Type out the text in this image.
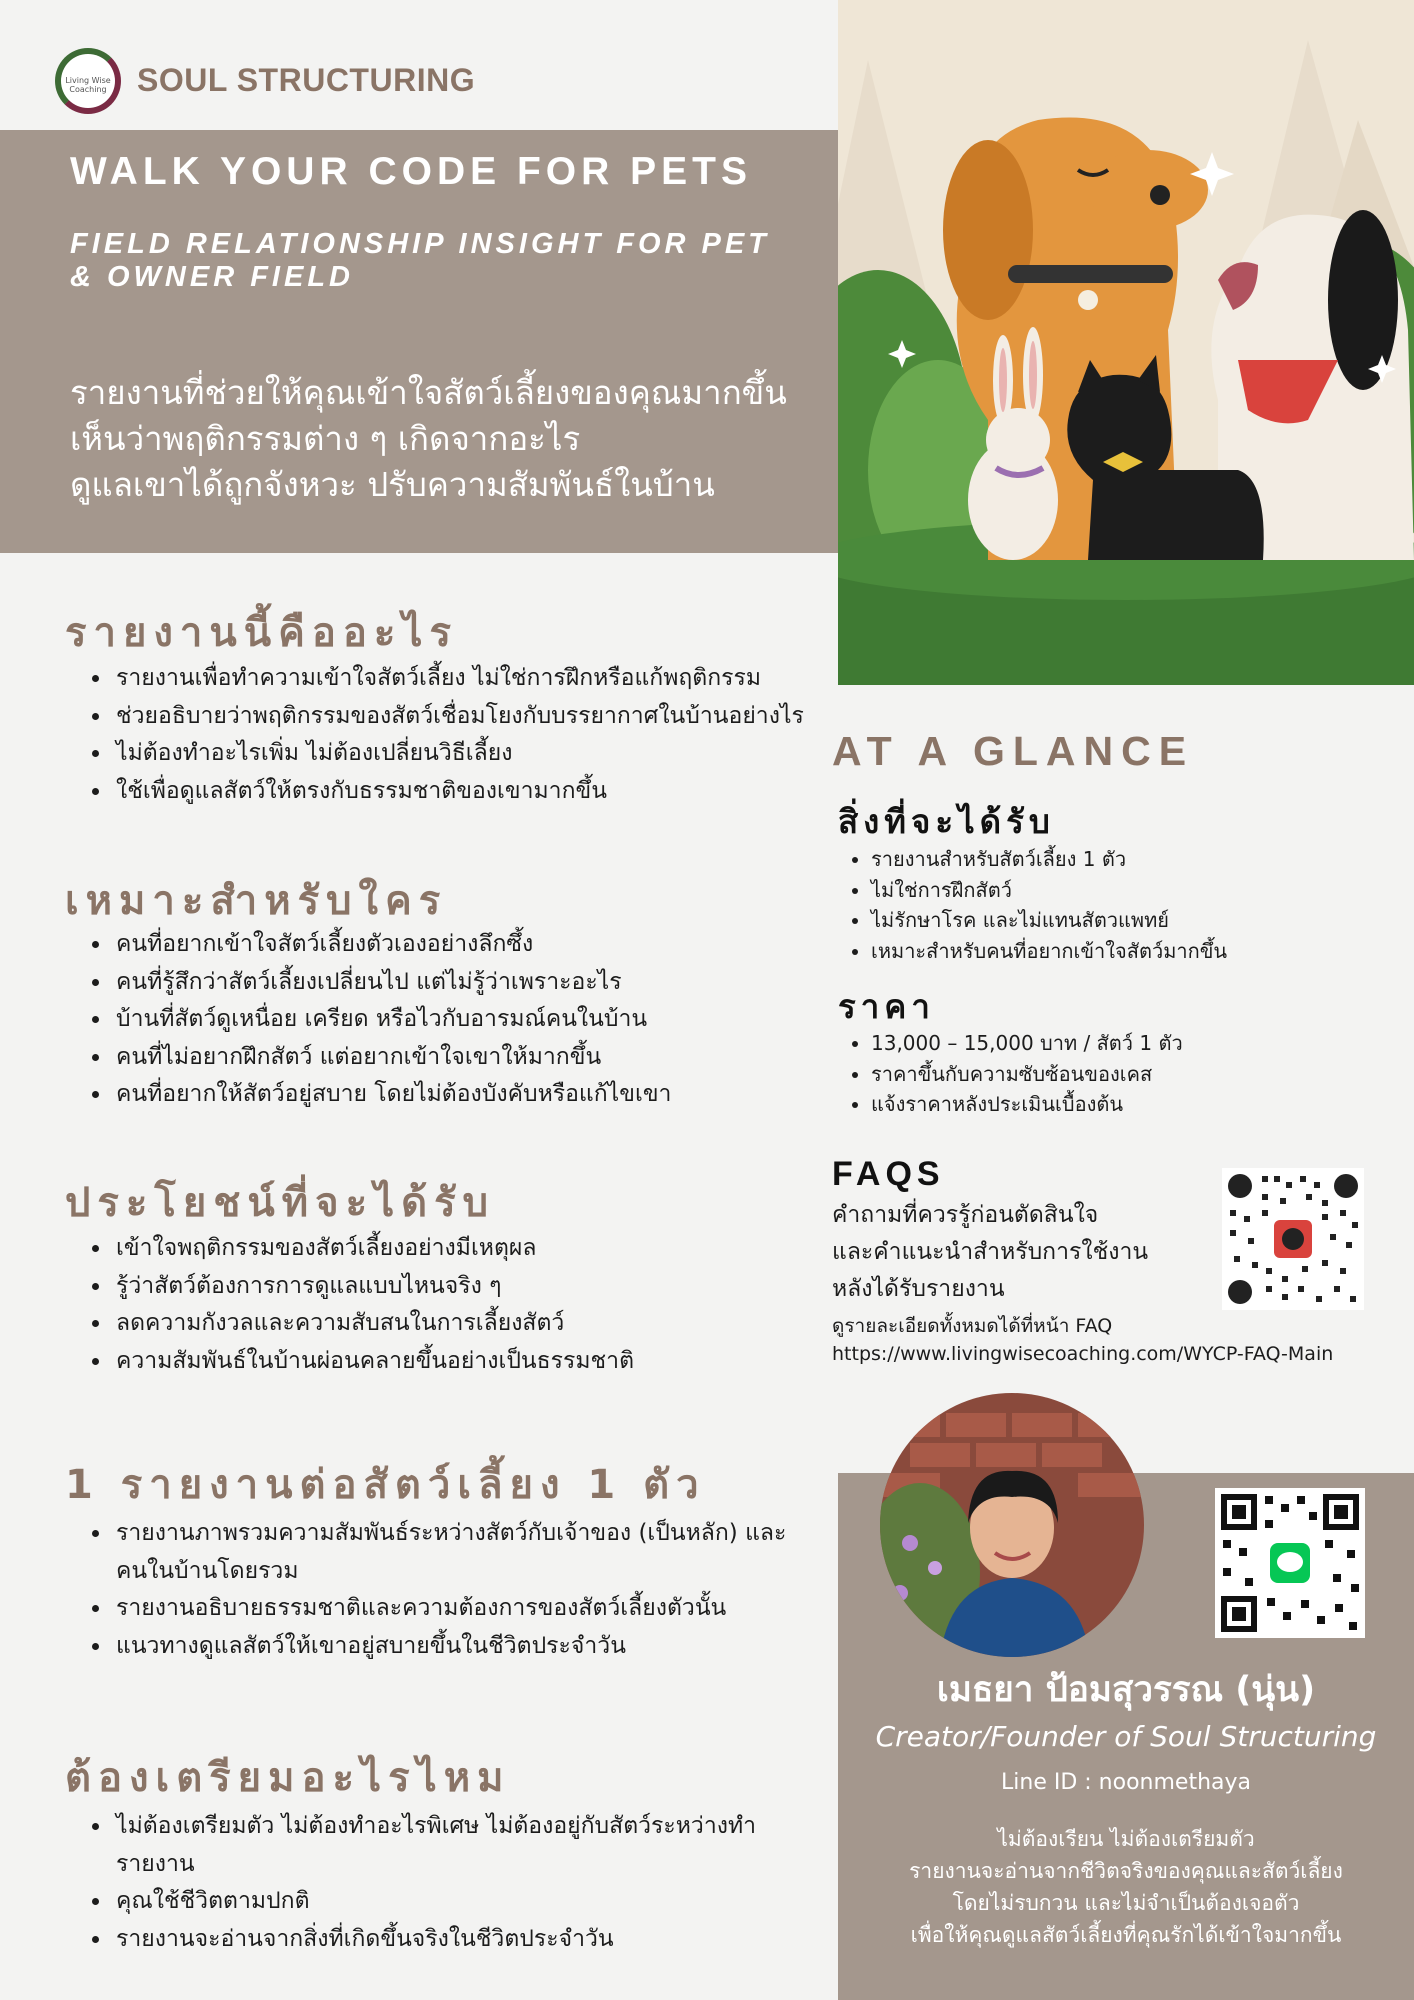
Living Wise Coaching SOUL STRUCTURING
WALK YOUR CODE FOR PETS
FIELD RELATIONSHIP INSIGHT FOR PET & OWNER FIELD
รายงานที่ช่วยให้คุณเข้าใจสัตว์เลี้ยงของคุณมากขึ้น
เห็นว่าพฤติกรรมต่าง ๆ เกิดจากอะไร
ดูแลเขาได้ถูกจังหวะ ปรับความสัมพันธ์ในบ้าน
รายงานนี้คืออะไร
• รายงานเพื่อทำความเข้าใจสัตว์เลี้ยง ไม่ใช่การฝึกหรือแก้พฤติกรรม
• ช่วยอธิบายว่าพฤติกรรมของสัตว์เชื่อมโยงกับบรรยากาศในบ้านอย่างไร
• ไม่ต้องทำอะไรเพิ่ม ไม่ต้องเปลี่ยนวิธีเลี้ยง
• ใช้เพื่อดูแลสัตว์ให้ตรงกับธรรมชาติของเขามากขึ้น
เหมาะสำหรับใคร
• คนที่อยากเข้าใจสัตว์เลี้ยงตัวเองอย่างลึกซึ้ง
• คนที่รู้สึกว่าสัตว์เลี้ยงเปลี่ยนไป แต่ไม่รู้ว่าเพราะอะไร
• บ้านที่สัตว์ดูเหนื่อย เครียด หรือไวกับอารมณ์คนในบ้าน
• คนที่ไม่อยากฝึกสัตว์ แต่อยากเข้าใจเขาให้มากขึ้น
• คนที่อยากให้สัตว์อยู่สบาย โดยไม่ต้องบังคับหรือแก้ไขเขา
ประโยชน์ที่จะได้รับ
• เข้าใจพฤติกรรมของสัตว์เลี้ยงอย่างมีเหตุผล
• รู้ว่าสัตว์ต้องการการดูแลแบบไหนจริง ๆ
• ลดความกังวลและความสับสนในการเลี้ยงสัตว์
• ความสัมพันธ์ในบ้านผ่อนคลายขึ้นอย่างเป็นธรรมชาติ
1 รายงานต่อสัตว์เลี้ยง 1 ตัว
• รายงานภาพรวมความสัมพันธ์ระหว่างสัตว์กับเจ้าของ (เป็นหลัก) และคนในบ้านโดยรวม
• รายงานอธิบายธรรมชาติและความต้องการของสัตว์เลี้ยงตัวนั้น
• แนวทางดูแลสัตว์ให้เขาอยู่สบายขึ้นในชีวิตประจำวัน
ต้องเตรียมอะไรไหม
• ไม่ต้องเตรียมตัว ไม่ต้องทำอะไรพิเศษ ไม่ต้องอยู่กับสัตว์ระหว่างทำรายงาน
• คุณใช้ชีวิตตามปกติ
• รายงานจะอ่านจากสิ่งที่เกิดขึ้นจริงในชีวิตประจำวัน
AT A GLANCE
สิ่งที่จะได้รับ
• รายงานสำหรับสัตว์เลี้ยง 1 ตัว
• ไม่ใช่การฝึกสัตว์
• ไม่รักษาโรค และไม่แทนสัตวแพทย์
• เหมาะสำหรับคนที่อยากเข้าใจสัตว์มากขึ้น
ราคา
• 13,000 – 15,000 บาท / สัตว์ 1 ตัว
• ราคาขึ้นกับความซับซ้อนของเคส
• แจ้งราคาหลังประเมินเบื้องต้น
FAQS
คำถามที่ควรรู้ก่อนตัดสินใจ
และคำแนะนำสำหรับการใช้งาน
หลังได้รับรายงาน
ดูรายละเอียดทั้งหมดได้ที่หน้า FAQ
https://www.livingwisecoaching.com/WYCP-FAQ-Main
เมธยา ป้อมสุวรรณ (นุ่น)
Creator/Founder of Soul Structuring
Line ID : noonmethaya
ไม่ต้องเรียน ไม่ต้องเตรียมตัว
รายงานจะอ่านจากชีวิตจริงของคุณและสัตว์เลี้ยง
โดยไม่รบกวน และไม่จำเป็นต้องเจอตัว
เพื่อให้คุณดูแลสัตว์เลี้ยงที่คุณรักได้เข้าใจมากขึ้น
